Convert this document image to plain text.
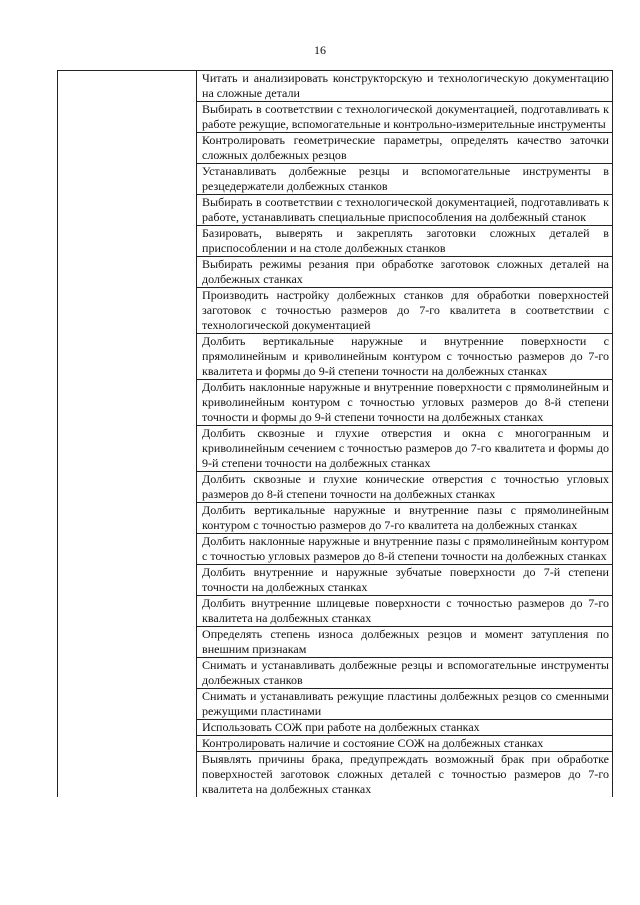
16
	Читать и анализировать конструкторскую и технологическую документацию на сложные детали
Выбирать в соответствии с технологической документацией, подготавливать к работе режущие, вспомогательные и контрольно-измерительные инструменты
Контролировать геометрические параметры, определять качество заточки сложных долбежных резцов
Устанавливать долбежные резцы и вспомогательные инструменты в резцедержатели долбежных станков
Выбирать в соответствии с технологической документацией, подготавливать к работе, устанавливать специальные приспособления на долбежный станок
Базировать, выверять и закреплять заготовки сложных деталей в приспособлении и на столе долбежных станков
Выбирать режимы резания при обработке заготовок сложных деталей на долбежных станках
Производить настройку долбежных станков для обработки поверхностей заготовок с точностью размеров до 7-го квалитета в соответствии с технологической документацией
Долбить вертикальные наружные и внутренние поверхности с прямолинейным и криволинейным контуром с точностью размеров до 7-го квалитета и формы до 9-й степени точности на долбежных станках
Долбить наклонные наружные и внутренние поверхности с прямолинейным и криволинейным контуром с точностью угловых размеров до 8-й степени точности и формы до 9-й степени точности на долбежных станках
Долбить сквозные и глухие отверстия и окна с многогранным и криволинейным сечением с точностью размеров до 7-го квалитета и формы до 9-й степени точности на долбежных станках
Долбить сквозные и глухие конические отверстия с точностью угловых размеров до 8-й степени точности на долбежных станках
Долбить вертикальные наружные и внутренние пазы с прямолинейным контуром с точностью размеров до 7-го квалитета на долбежных станках
Долбить наклонные наружные и внутренние пазы с прямолинейным контуром с точностью угловых размеров до 8-й степени точности на долбежных станках
Долбить внутренние и наружные зубчатые поверхности до 7-й степени точности на долбежных станках
Долбить внутренние шлицевые поверхности с точностью размеров до 7-го квалитета на долбежных станках
Определять степень износа долбежных резцов и момент затупления по внешним признакам
Снимать и устанавливать долбежные резцы и вспомогательные инструменты долбежных станков
Снимать и устанавливать режущие пластины долбежных резцов со сменными режущими пластинами
Использовать СОЖ при работе на долбежных станках
Контролировать наличие и состояние СОЖ на долбежных станках
Выявлять причины брака, предупреждать возможный брак при обработке поверхностей заготовок сложных деталей с точностью размеров до 7-го квалитета на долбежных станках
